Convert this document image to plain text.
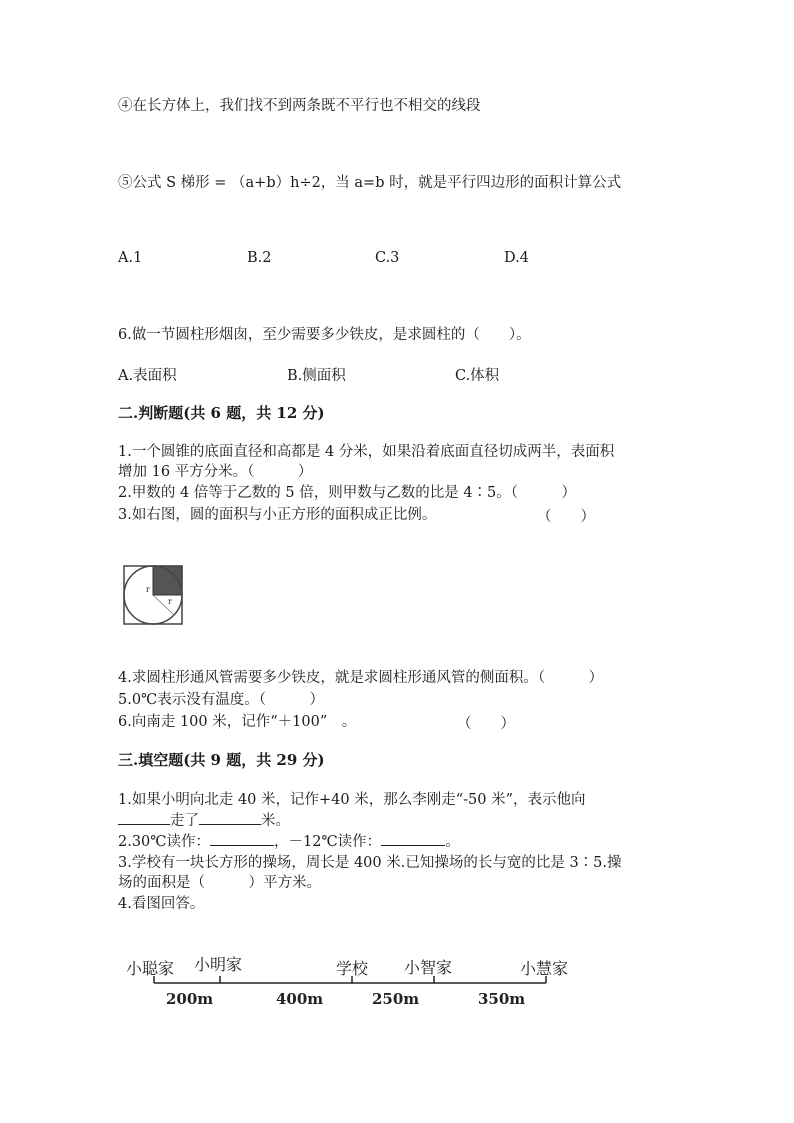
④在长方体上，我们找不到两条既不平行也不相交的线段
⑤公式 S 梯形 = （a+b）h÷2，当 a=b 时，就是平行四边形的面积计算公式
A.1	B.2	C.3	D.4
6.做一节圆柱形烟囱，至少需要多少铁皮，是求圆柱的（　　）。
A.表面积	B.侧面积	C.体积
二.判断题(共 6 题，共 12 分)
1.一个圆锥的底面直径和高都是 4 分米，如果沿着底面直径切成两半，表面积
增加 16 平方分米。（　　　）
2.甲数的 4 倍等于乙数的 5 倍，则甲数与乙数的比是 4∶5。（　　　）
3.如右图，圆的面积与小正方形的面积成正比例。	（　　）
r
r
4.求圆柱形通风管需要多少铁皮，就是求圆柱形通风管的侧面积。（　　　）
5.0℃表示没有温度。（　　　）
6.向南走 100 米，记作“＋100”　。	（　　）
三.填空题(共 9 题，共 29 分)
1.如果小明向北走 40 米，记作+40 米，那么李刚走“-50 米”，表示他向
走了	米。
2.30℃读作：	，－12℃读作：	。
3.学校有一块长方形的操场，周长是 400 米.已知操场的长与宽的比是 3∶5.操
场的面积是（　　　）平方米。
4.看图回答。
小聪家 小明家	学校 小智家	小慧家
200m	400m	250m	350m
